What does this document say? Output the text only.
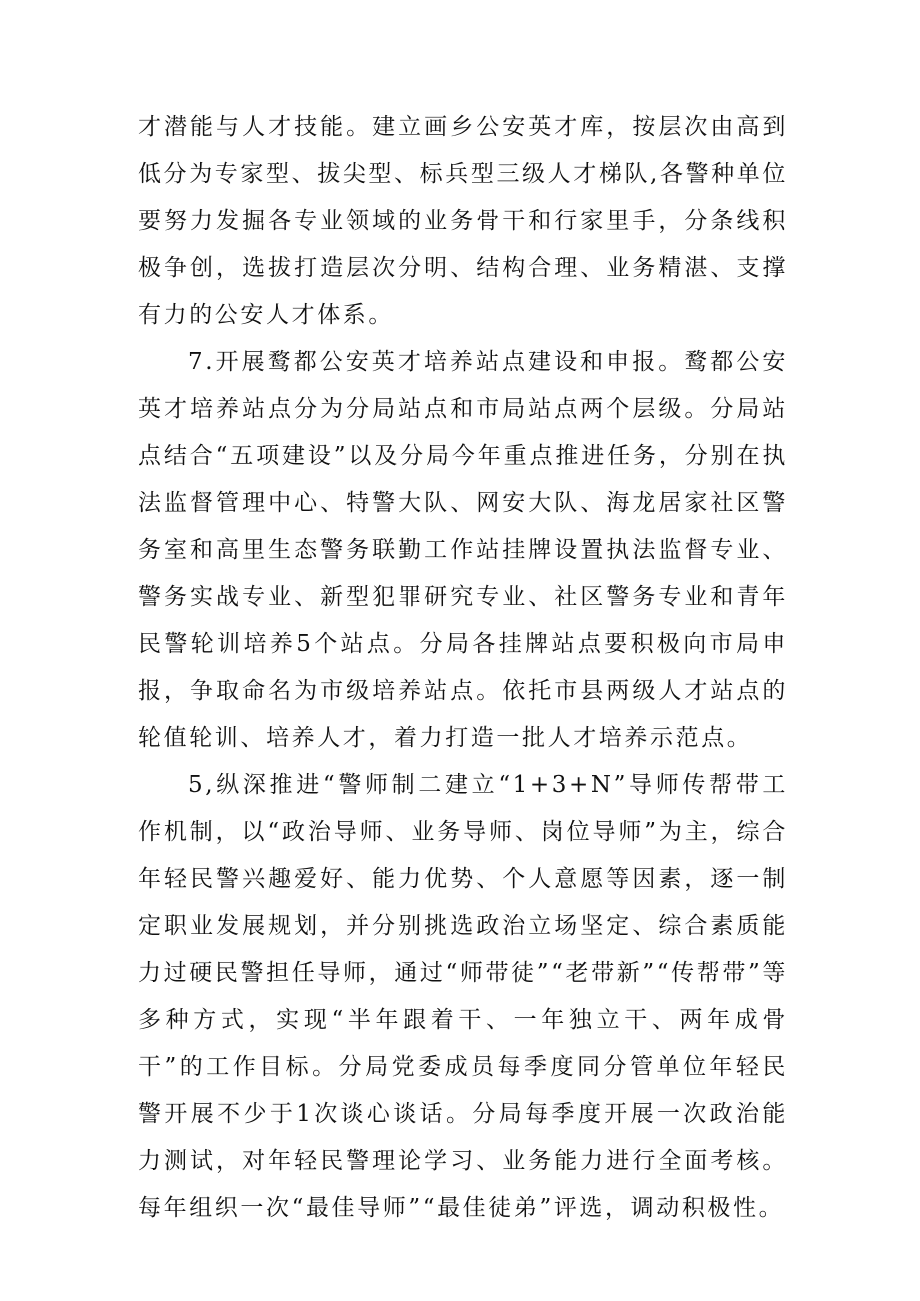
才潜能与人才技能。建立画乡公安英才库，按层次由高到低分为专家型、拔尖型、标兵型三级人才梯队,各警种单位要努力发掘各专业领域的业务骨干和行家里手，分条线积极争创，选拔打造层次分明、结构合理、业务精湛、支撑有力的公安人才体系。

7.开展鹜都公安英才培养站点建设和申报。鹜都公安英才培养站点分为分局站点和市局站点两个层级。分局站点结合“五项建设”以及分局今年重点推进任务，分别在执法监督管理中心、特警大队、网安大队、海龙居家社区警务室和高里生态警务联勤工作站挂牌设置执法监督专业、警务实战专业、新型犯罪研究专业、社区警务专业和青年民警轮训培养5个站点。分局各挂牌站点要积极向市局申报，争取命名为市级培养站点。依托市县两级人才站点的轮值轮训、培养人才，着力打造一批人才培养示范点。

5,纵深推进“警师制二建立“1+3+N”导师传帮带工作机制，以“政治导师、业务导师、岗位导师”为主，综合年轻民警兴趣爱好、能力优势、个人意愿等因素，逐一制定职业发展规划，并分别挑选政治立场坚定、综合素质能力过硬民警担任导师，通过“师带徒”“老带新”“传帮带”等多种方式，实现“半年跟着干、一年独立干、两年成骨干”的工作目标。分局党委成员每季度同分管单位年轻民警开展不少于1次谈心谈话。分局每季度开展一次政治能力测试，对年轻民警理论学习、业务能力进行全面考核。每年组织一次“最佳导师”“最佳徒弟”评选，调动积极性。
